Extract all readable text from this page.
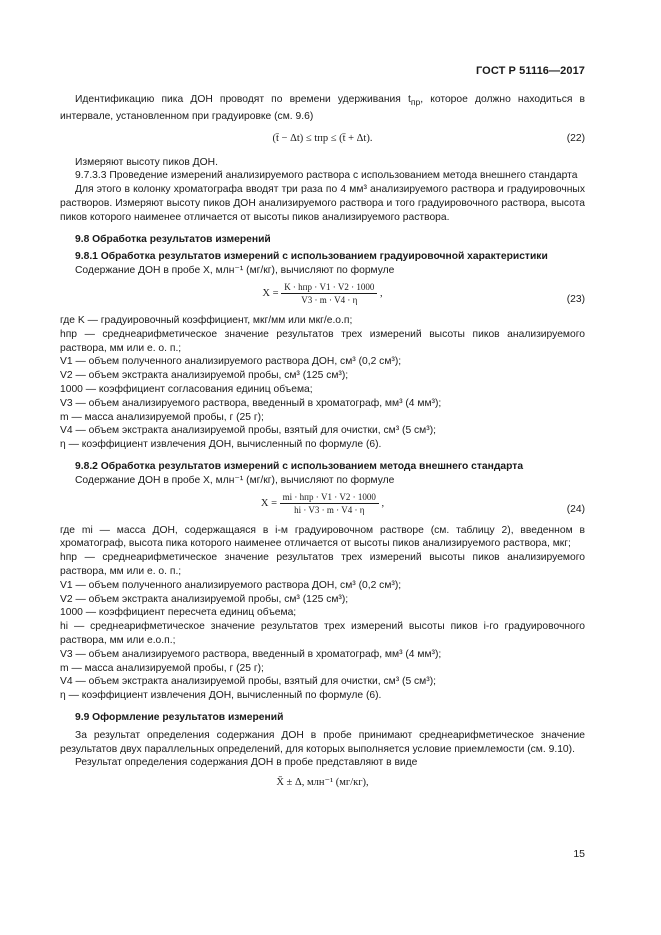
ГОСТ Р 51116—2017

Идентификацию пика ДОН проводят по времени удерживания $t_{пр}$, которое должно находиться в интервале, установленном при градуировке (см. 9.6)

(t̄ − Δt) ≤ tпр ≤ (t̄ + Δt).	(22)

Измеряют высоту пиков ДОН.

9.7.3.3 Проведение измерений анализируемого раствора с использованием метода внешнего стандарта

Для этого в колонку хроматографа вводят три раза по 4 мм³ анализируемого раствора и градуировочных растворов. Измеряют высоту пиков ДОН анализируемого раствора и того градуировочного раствора, высота пиков которого наименее отличается от высоты пиков анализируемого раствора.

9.8 Обработка результатов измерений

9.8.1 Обработка результатов измерений с использованием градуировочной характеристики

Содержание ДОН в пробе X, млн⁻¹ (мг/кг), вычисляют по формуле

$X = \frac{\text{K · hпр · V1 · V2 · 1000}}{V3 \cdot m \cdot V4 \cdot \eta}$ ,
(23)

где K — градуировочный коэффициент, мкг/мм или мкг/е.о.п;

hпр — среднеарифметическое значение результатов трех измерений высоты пиков анализируемого раствора, мм или е. о. п.;

V1 — объем полученного анализируемого раствора ДОН, см³ (0,2 см³);

V2 — объем экстракта анализируемой пробы, см³ (125 см³);

1000 — коэффициент согласования единиц объема;

V3 — объем анализируемого раствора, введенный в хроматограф, мм³ (4 мм³);

m — масса анализируемой пробы, г (25 г);

V4 — объем экстракта анализируемой пробы, взятый для очистки, см³ (5 см³);

η — коэффициент извлечения ДОН, вычисленный по формуле (6).

9.8.2 Обработка результатов измерений с использованием метода внешнего стандарта

Содержание ДОН в пробе X, млн⁻¹ (мг/кг), вычисляют по формуле

$X = \frac{\text{mi · hпр · V1 · V2 · 1000}}{hi \cdot V3 \cdot m \cdot V4 \cdot \eta}$ ,
(24)

где mi — масса ДОН, содержащаяся в i-м градуировочном растворе (см. таблицу 2), введенном в хроматограф, высота пика которого наименее отличается от высоты пиков анализируемого раствора, мкг;

hпр — среднеарифметическое значение результатов трех измерений высоты пиков анализируемого раствора, мм или е. о. п.;

V1 — объем полученного анализируемого раствора ДОН, см³ (0,2 см³);

V2 — объем экстракта анализируемой пробы, см³ (125 см³);

1000 — коэффициент пересчета единиц объема;

hi — среднеарифметическое значение результатов трех измерений высоты пиков i-го градуировочного раствора, мм или е.о.п.;

V3 — объем анализируемого раствора, введенный в хроматограф, мм³ (4 мм³);

m — масса анализируемой пробы, г (25 г);

V4 — объем экстракта анализируемой пробы, взятый для очистки, см³ (5 см³);

η — коэффициент извлечения ДОН, вычисленный по формуле (6).

9.9 Оформление результатов измерений

За результат определения содержания ДОН в пробе принимают среднеарифметическое значение результатов двух параллельных определений, для которых выполняется условие приемлемости (см. 9.10).

Результат определения содержания ДОН в пробе представляют в виде

X̄ ± Δ, млн⁻¹ (мг/кг),
15
